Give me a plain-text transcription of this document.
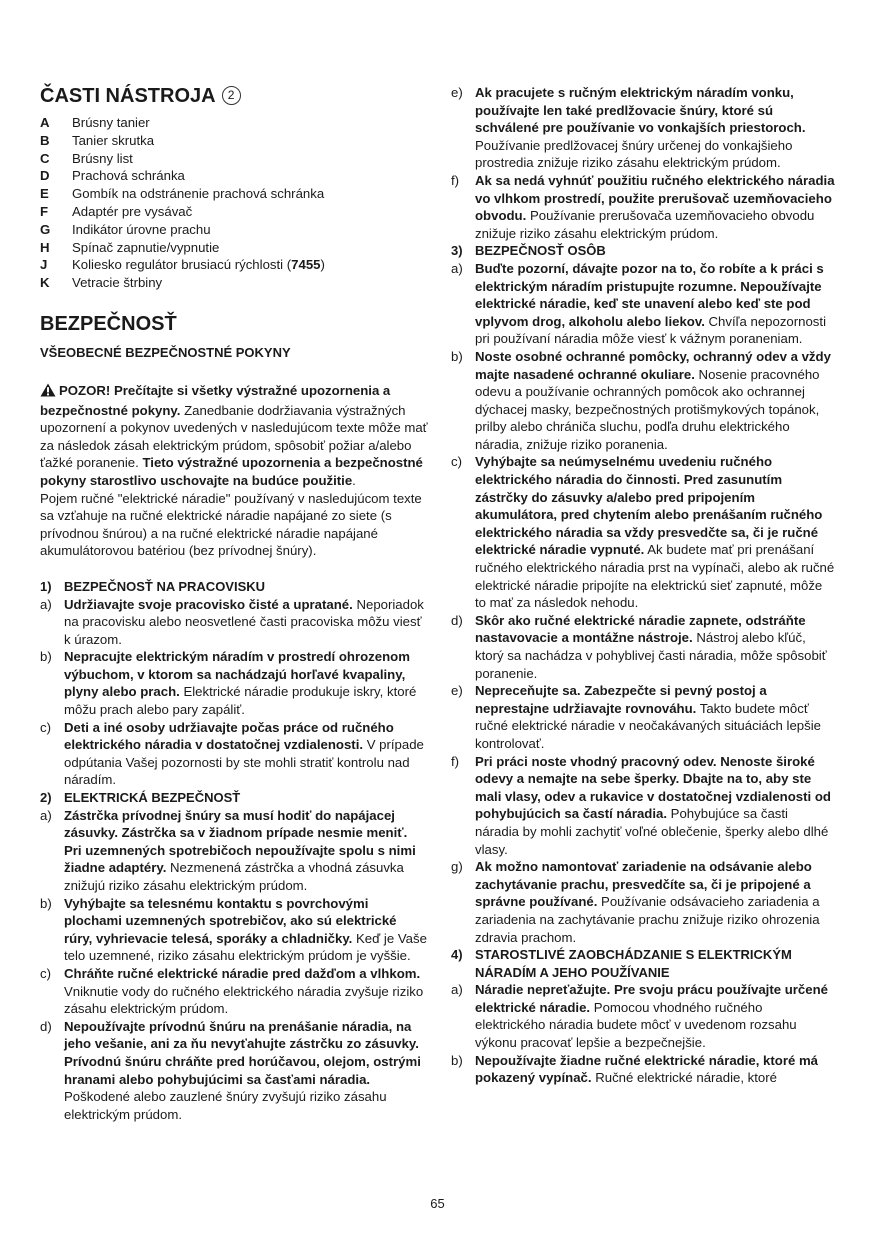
ČASTI NÁSTROJA 2
A	Brúsny tanier
B	Tanier skrutka
C	Brúsny list
D	Prachová schránka
E	Gombík na odstránenie prachová schránka
F	Adaptér pre vysávač
G	Indikátor úrovne prachu
H	Spínač zapnutie/vypnutie
J	Koliesko regulátor brusiacú rýchlosti (7455)
K	Vetracie štrbiny
BEZPEČNOSŤ
VŠEOBECNÉ BEZPEČNOSTNÉ POKYNY

POZOR! Prečítajte si všetky výstražné upozornenia a bezpečnostné pokyny. Zanedbanie dodržiavania výstražných upozornení a pokynov uvedených v nasledujúcom texte môže mať za následok zásah elektrickým prúdom, spôsobiť požiar a/alebo ťažké poranenie. Tieto výstražné upozornenia a bezpečnostné pokyny starostlivo uschovajte na budúce použitie.

Pojem ručné "elektrické náradie" používaný v nasledujúcom texte sa vzťahuje na ručné elektrické náradie napájané zo siete (s prívodnou šnúrou) a na ručné elektrické náradie napájané akumulátorovou batériou (bez prívodnej šnúry).

1) BEZPEČNOSŤ NA PRACOVISKU
a) Udržiavajte svoje pracovisko čisté a upratané. Neporiadok na pracovisku alebo neosvetlené časti pracoviska môžu viesť k úrazom.
b) Nepracujte elektrickým náradím v prostredí ohrozenom výbuchom, v ktorom sa nachádzajú horľavé kvapaliny, plyny alebo prach. Elektrické náradie produkuje iskry, ktoré môžu prach alebo pary zapáliť.
c) Deti a iné osoby udržiavajte počas práce od ručného elektrického náradia v dostatočnej vzdialenosti. V prípade odpútania Vašej pozornosti by ste mohli stratiť kontrolu nad náradím.
2) ELEKTRICKÁ BEZPEČNOSŤ
a) Zástrčka prívodnej šnúry sa musí hodiť do napájacej zásuvky. Zástrčka sa v žiadnom prípade nesmie meniť. Pri uzemnených spotrebičoch nepoužívajte spolu s nimi žiadne adaptéry. Nezmenená zástrčka a vhodná zásuvka znižujú riziko zásahu elektrickým prúdom.
b) Vyhýbajte sa telesnému kontaktu s povrchovými plochami uzemnených spotrebičov, ako sú elektrické rúry, vyhrievacie telesá, sporáky a chladničky. Keď je Vaše telo uzemnené, riziko zásahu elektrickým prúdom je vyššie.
c) Chráňte ručné elektrické náradie pred dažďom a vlhkom. Vniknutie vody do ručného elektrického náradia zvyšuje riziko zásahu elektrickým prúdom.
d) Nepoužívajte prívodnú šnúru na prenášanie náradia, na jeho vešanie, ani za ňu nevyťahujte zástrčku zo zásuvky. Prívodnú šnúru chráňte pred horúčavou, olejom, ostrými hranami alebo pohybujúcimi sa časťami náradia. Poškodené alebo zauzlené šnúry zvyšujú riziko zásahu elektrickým prúdom.
e) Ak pracujete s ručným elektrickým náradím vonku, používajte len také predlžovacie šnúry, ktoré sú schválené pre používanie vo vonkajších priestoroch. Používanie predlžovacej šnúry určenej do vonkajšieho prostredia znižuje riziko zásahu elektrickým prúdom.
f)	Ak sa nedá vyhnúť použitiu ručného elektrického náradia vo vlhkom prostredí, použite prerušovač uzemňovacieho obvodu. Používanie prerušovača uzemňovacieho obvodu znižuje riziko zásahu elektrickým prúdom.
3) BEZPEČNOSŤ OSÔB
a) Buďte pozorní, dávajte pozor na to, čo robíte a k práci s elektrickým náradím pristupujte rozumne. Nepoužívajte elektrické náradie, keď ste unavení alebo keď ste pod vplyvom drog, alkoholu alebo liekov. Chvíľa nepozornosti pri používaní náradia môže viesť k vážnym poraneniam.
b) Noste osobné ochranné pomôcky, ochranný odev a vždy majte nasadené ochranné okuliare. Nosenie pracovného odevu a používanie ochranných pomôcok ako ochrannej dýchacej masky, bezpečnostných protišmykových topánok, prilby alebo chrániča sluchu, podľa druhu elektrického náradia, znižuje riziko poranenia.
c) Vyhýbajte sa neúmyselnému uvedeniu ručného elektrického náradia do činnosti. Pred zasunutím zástrčky do zásuvky a/alebo pred pripojením akumulátora, pred chytením alebo prenášaním ručného elektrického náradia sa vždy presvedčte sa, či je ručné elektrické náradie vypnuté. Ak budete mať pri prenášaní ručného elektrického náradia prst na vypínači, alebo ak ručné elektrické náradie pripojíte na elektrickú sieť zapnuté, môže to mať za následok nehodu.
d) Skôr ako ručné elektrické náradie zapnete, odstráňte nastavovacie a montážne nástroje. Nástroj alebo kľúč, ktorý sa nachádza v pohyblivej časti náradia, môže spôsobiť poranenie.
e) Nepreceňujte sa. Zabezpečte si pevný postoj a neprestajne udržiavajte rovnováhu. Takto budete môcť ručné elektrické náradie v neočakávaných situáciách lepšie kontrolovať.
f)	Pri práci noste vhodný pracovný odev. Nenoste široké odevy a nemajte na sebe šperky. Dbajte na to, aby ste mali vlasy, odev a rukavice v dostatočnej vzdialenosti od pohybujúcich sa častí náradia. Pohybujúce sa časti náradia by mohli zachytiť voľné oblečenie, šperky alebo dlhé vlasy.
g) Ak možno namontovať zariadenie na odsávanie alebo zachytávanie prachu, presvedčíte sa, či je pripojené a správne používané. Používanie odsávacieho zariadenia a zariadenia na zachytávanie prachu znižuje riziko ohrozenia zdravia prachom.
4) STAROSTLIVÉ ZAOBCHÁDZANIE S ELEKTRICKÝM NÁRADÍM A JEHO POUŽÍVANIE
a) Náradie nepreťažujte. Pre svoju prácu používajte určené elektrické náradie. Pomocou vhodného ručného elektrického náradia budete môcť v uvedenom rozsahu výkonu pracovať lepšie a bezpečnejšie.
b) Nepoužívajte žiadne ručné elektrické náradie, ktoré má pokazený vypínač. Ručné elektrické náradie, ktoré
65
